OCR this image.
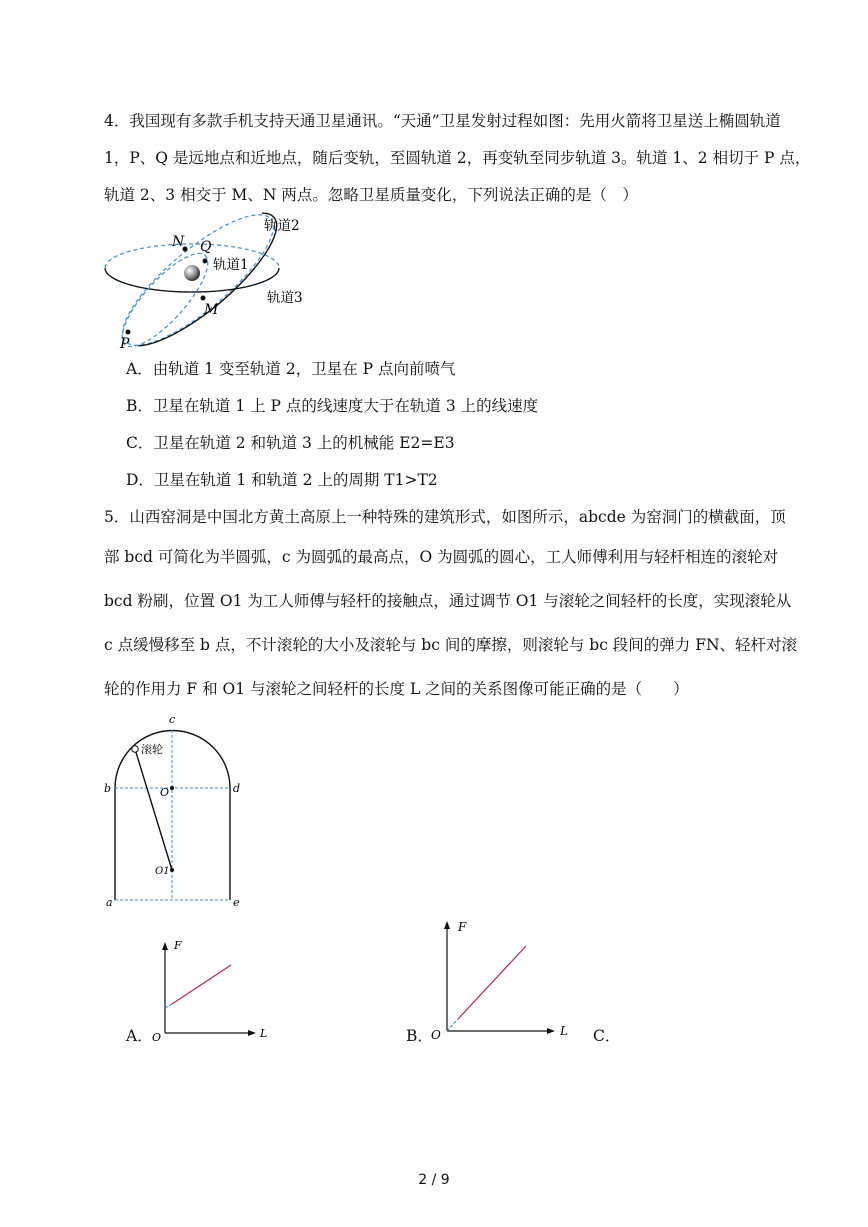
4．我国现有多款手机支持天通卫星通讯。“天通”卫星发射过程如图：先用火箭将卫星送上椭圆轨道
1，P、Q 是远地点和近地点，随后变轨，至圆轨道 2，再变轨至同步轨道 3。轨道 1、2 相切于 P 点，
轨道 2、3 相交于 M、N 两点。忽略卫星质量变化，下列说法正确的是（　）
N Q
M
P
轨道1
轨道2
轨道3
A．由轨道 1 变至轨道 2，卫星在 P 点向前喷气
B．卫星在轨道 1 上 P 点的线速度大于在轨道 3 上的线速度
C．卫星在轨道 2 和轨道 3 上的机械能 E2=E3
D．卫星在轨道 1 和轨道 2 上的周期 T1>T2
5．山西窑洞是中国北方黄土高原上一种特殊的建筑形式，如图所示，abcde 为窑洞门的横截面，顶
部 bcd 可简化为半圆弧，c 为圆弧的最高点，O 为圆弧的圆心，工人师傅利用与轻杆相连的滚轮对
bcd 粉刷，位置 O1 为工人师傅与轻杆的接触点，通过调节 O1 与滚轮之间轻杆的长度，实现滚轮从
c 点缓慢移至 b 点，不计滚轮的大小及滚轮与 bc 间的摩擦，则滚轮与 bc 段间的弹力 FN、轻杆对滚
轮的作用力 F 和 O1 与滚轮之间轻杆的长度 L 之间的关系图像可能正确的是（　　）
c
b	d
a	e
O
O1
滚轮
F
L
O
A．
F
L
O
B．	C．
2 / 9
